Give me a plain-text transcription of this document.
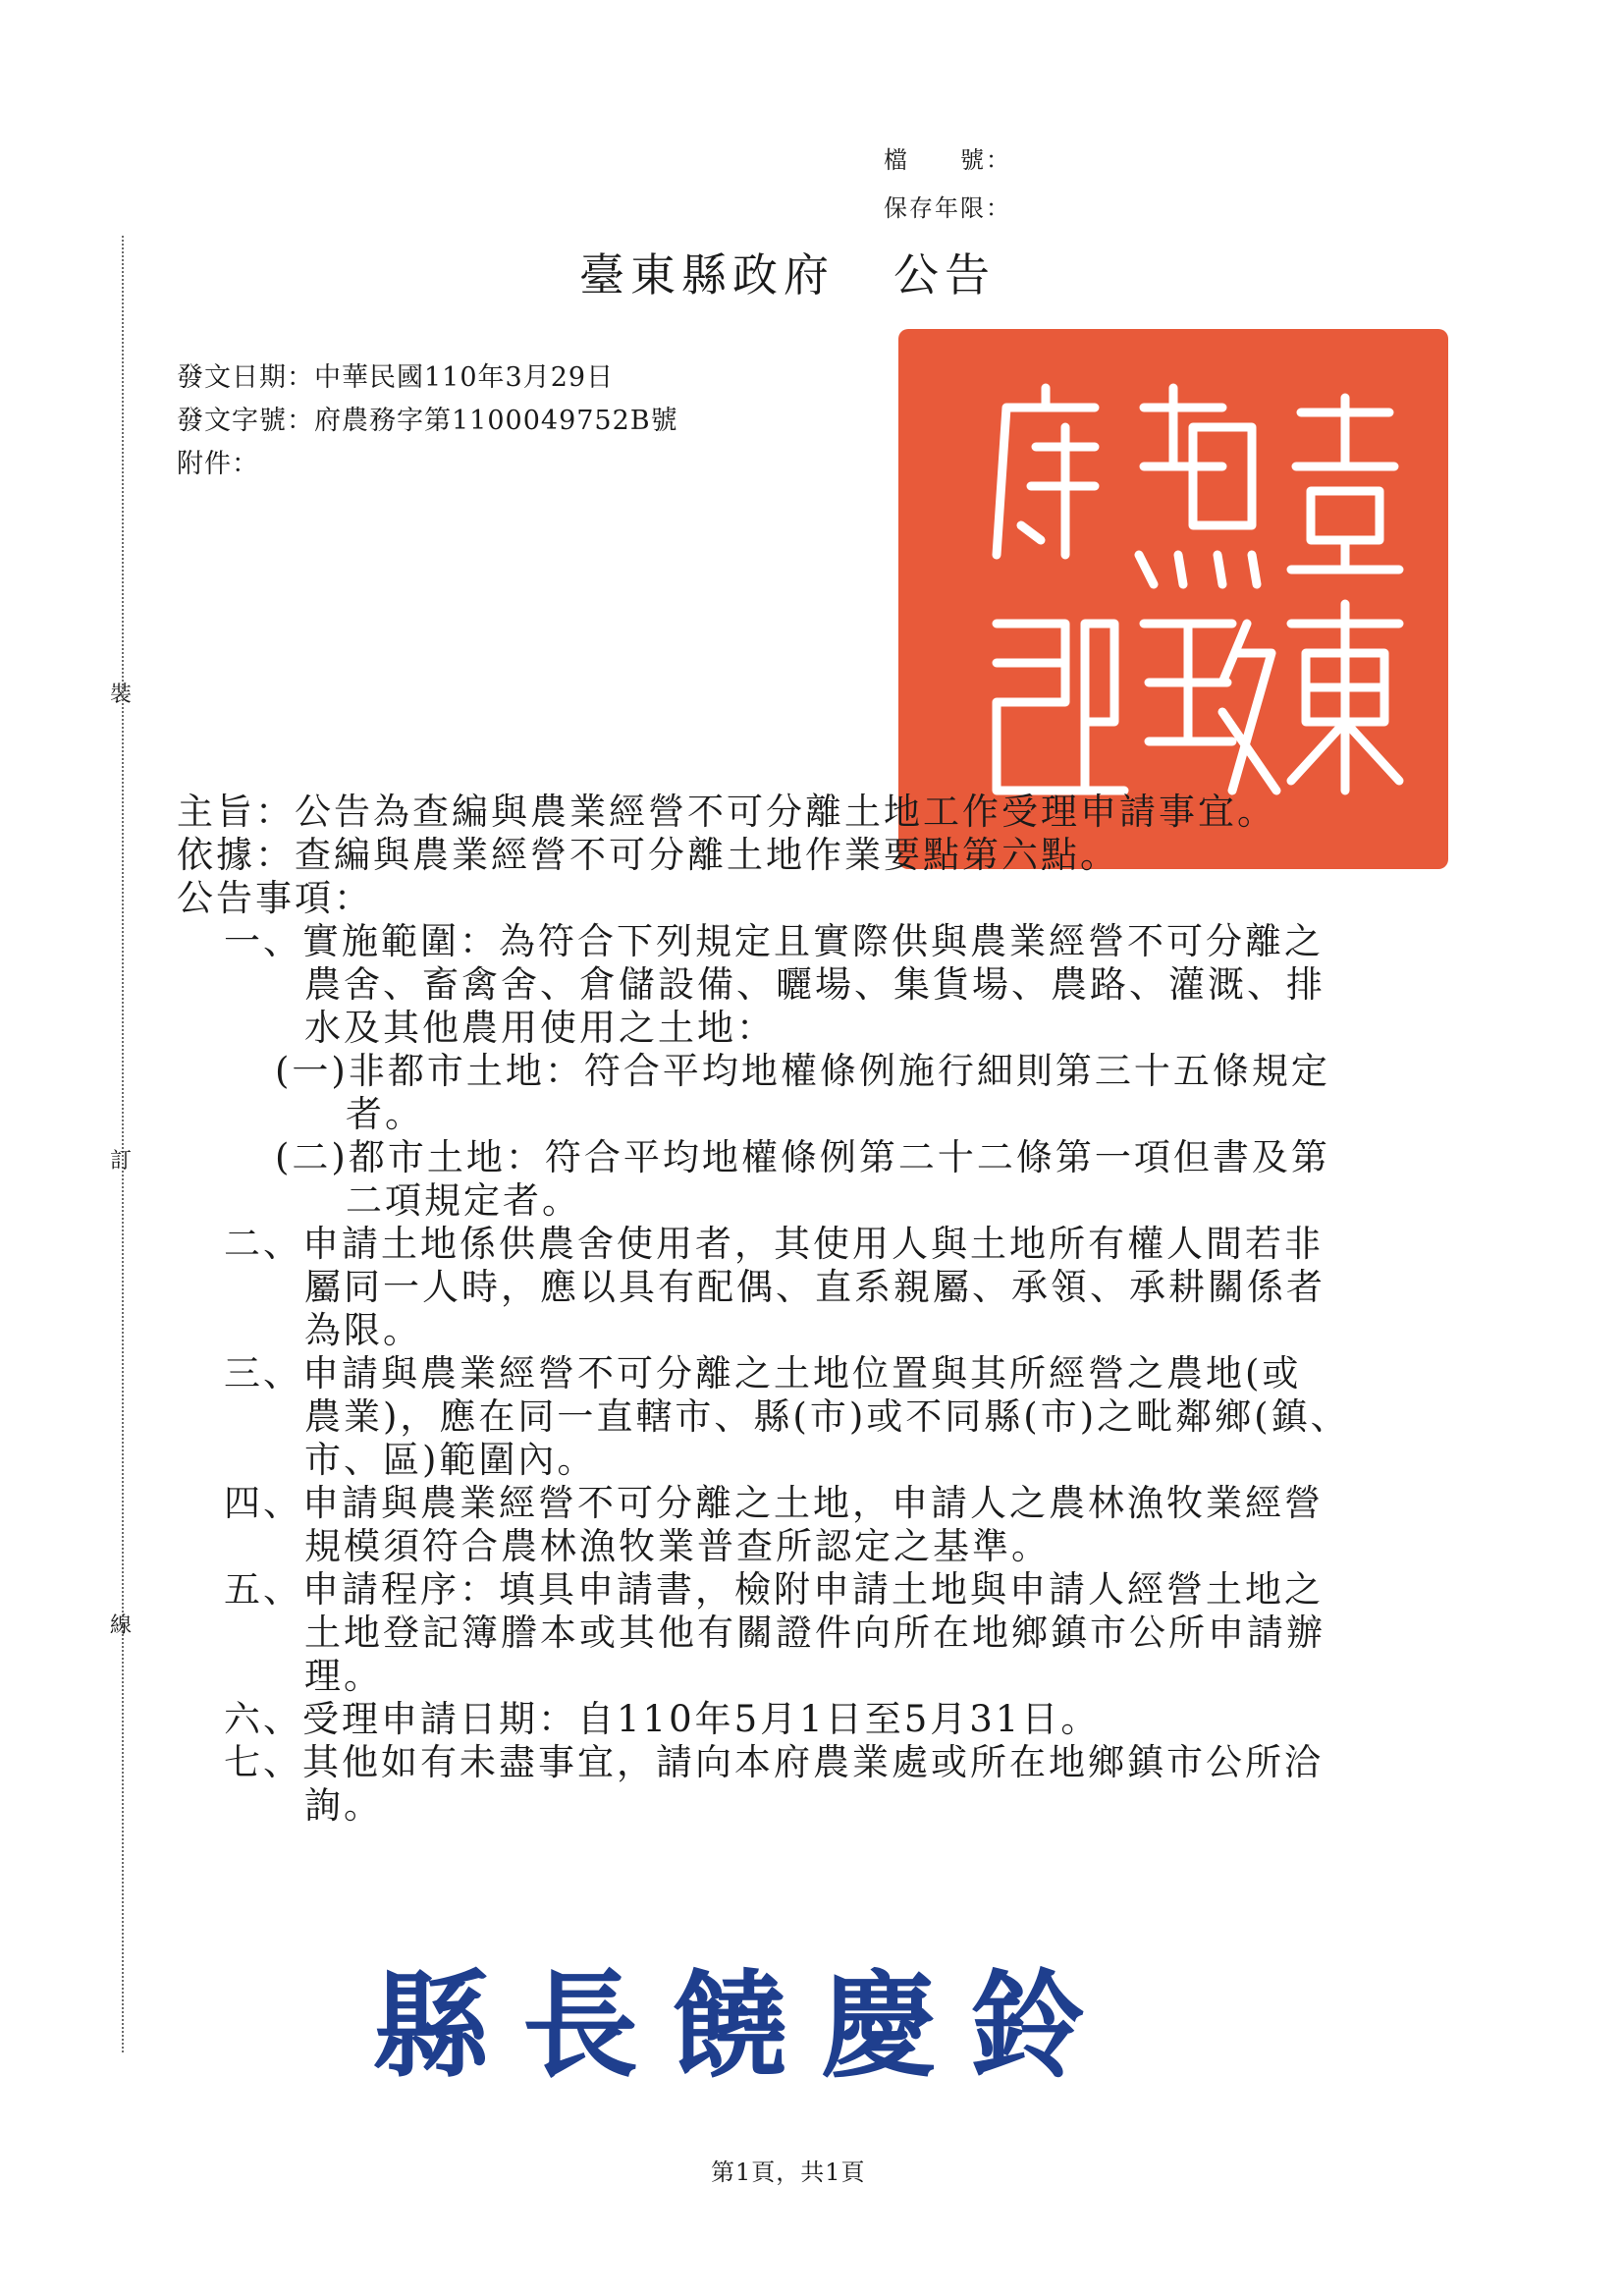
裝
訂
線
檔　　號：
保存年限：
臺東縣政府 公告
發文日期：中華民國110年3月29日
發文字號：府農務字第1100049752B號
附件：
主旨：公告為查編與農業經營不可分離土地工作受理申請事宜。
依據：查編與農業經營不可分離土地作業要點第六點。
公告事項：
一、實施範圍：為符合下列規定且實際供與農業經營不可分離之
農舍、畜禽舍、倉儲設備、曬場、集貨場、農路、灌溉、排
水及其他農用使用之土地：
(一)非都市土地：符合平均地權條例施行細則第三十五條規定
者。
(二)都市土地：符合平均地權條例第二十二條第一項但書及第
二項規定者。
二、申請土地係供農舍使用者，其使用人與土地所有權人間若非
屬同一人時，應以具有配偶、直系親屬、承領、承耕關係者
為限。
三、申請與農業經營不可分離之土地位置與其所經營之農地(或
農業)，應在同一直轄市、縣(市)或不同縣(市)之毗鄰鄉(鎮、
市、區)範圍內。
四、申請與農業經營不可分離之土地，申請人之農林漁牧業經營
規模須符合農林漁牧業普查所認定之基準。
五、申請程序：填具申請書，檢附申請土地與申請人經營土地之
土地登記簿謄本或其他有關證件向所在地鄉鎮市公所申請辦
理。
六、受理申請日期：自110年5月1日至5月31日。
七、其他如有未盡事宜，請向本府農業處或所在地鄉鎮市公所洽
詢。
縣長饒慶鈴
第1頁，共1頁
